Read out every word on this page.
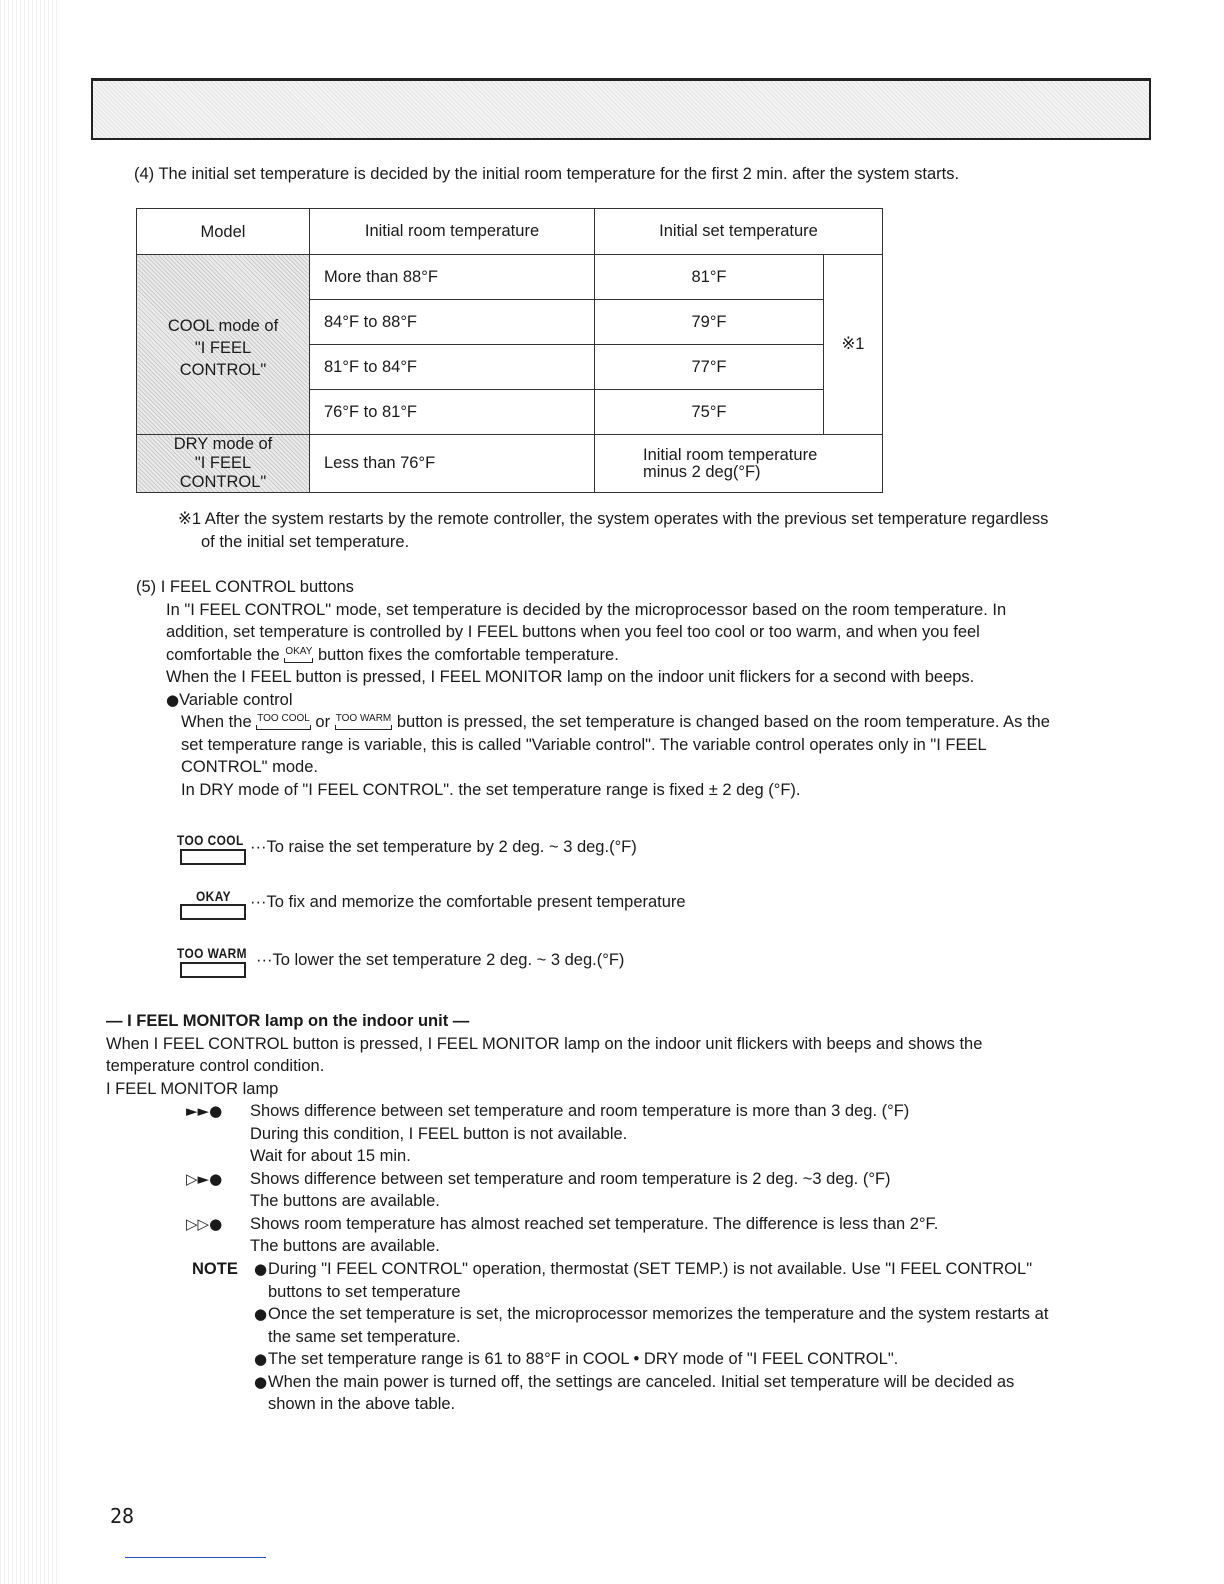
(4) The initial set temperature is decided by the initial room temperature for the first 2 min. after the system starts.

Model	Initial room temperature	Initial set temperature	

COOL mode of
"I FEEL CONTROL"	More than 88°F	81°F	※1
	84°F to 88°F	79°F	
	81°F to 84°F	77°F	
	76°F to 81°F	75°F	

DRY mode of
"I FEEL CONTROL"	Less than 76°F	Initial room temperature
minus 2 deg(°F)	

※1 After the system restarts by the remote controller, the system operates with the previous set temperature regardless

of the initial set temperature.

(5) I FEEL CONTROL buttons

In "I FEEL CONTROL" mode, set temperature is decided by the microprocessor based on the room temperature. In

addition, set temperature is controlled by I FEEL buttons when you feel too cool or too warm, and when you feel

comfortable the OKAY button fixes the comfortable temperature.

When the I FEEL button is pressed, I FEEL MONITOR lamp on the indoor unit flickers for a second with beeps.

●Variable control

When the TOO COOL or TOO WARM button is pressed, the set temperature is changed based on the room temperature. As the

set temperature range is variable, this is called "Variable control". The variable control operates only in "I FEEL

CONTROL" mode.

In DRY mode of "I FEEL CONTROL". the set temperature range is fixed ± 2 deg (°F).

TOO COOL ···To raise the set temperature by 2 deg. ~ 3 deg.(°F)

OKAY	···To fix and memorize the comfortable present temperature

TOO WARM ···To lower the set temperature 2 deg. ~ 3 deg.(°F)

— I FEEL MONITOR lamp on the indoor unit —

When I FEEL CONTROL button is pressed, I FEEL MONITOR lamp on the indoor unit flickers with beeps and shows the

temperature control condition.

I FEEL MONITOR lamp

►►●	Shows difference between set temperature and room temperature is more than 3 deg. (°F)

During this condition, I FEEL button is not available.

Wait for about 15 min.

▷►●	Shows difference between set temperature and room temperature is 2 deg. ~3 deg. (°F)

The buttons are available.

▷▷●	Shows room temperature has almost reached set temperature. The difference is less than 2°F.

The buttons are available.

NOTE	● During "I FEEL CONTROL" operation, thermostat (SET TEMP.) is not available. Use "I FEEL CONTROL"

buttons to set temperature

● Once the set temperature is set, the microprocessor memorizes the temperature and the system restarts at

the same set temperature.

● The set temperature range is 61 to 88°F in COOL • DRY mode of "I FEEL CONTROL".

● When the main power is turned off, the settings are canceled. Initial set temperature will be decided as

shown in the above table.

28
